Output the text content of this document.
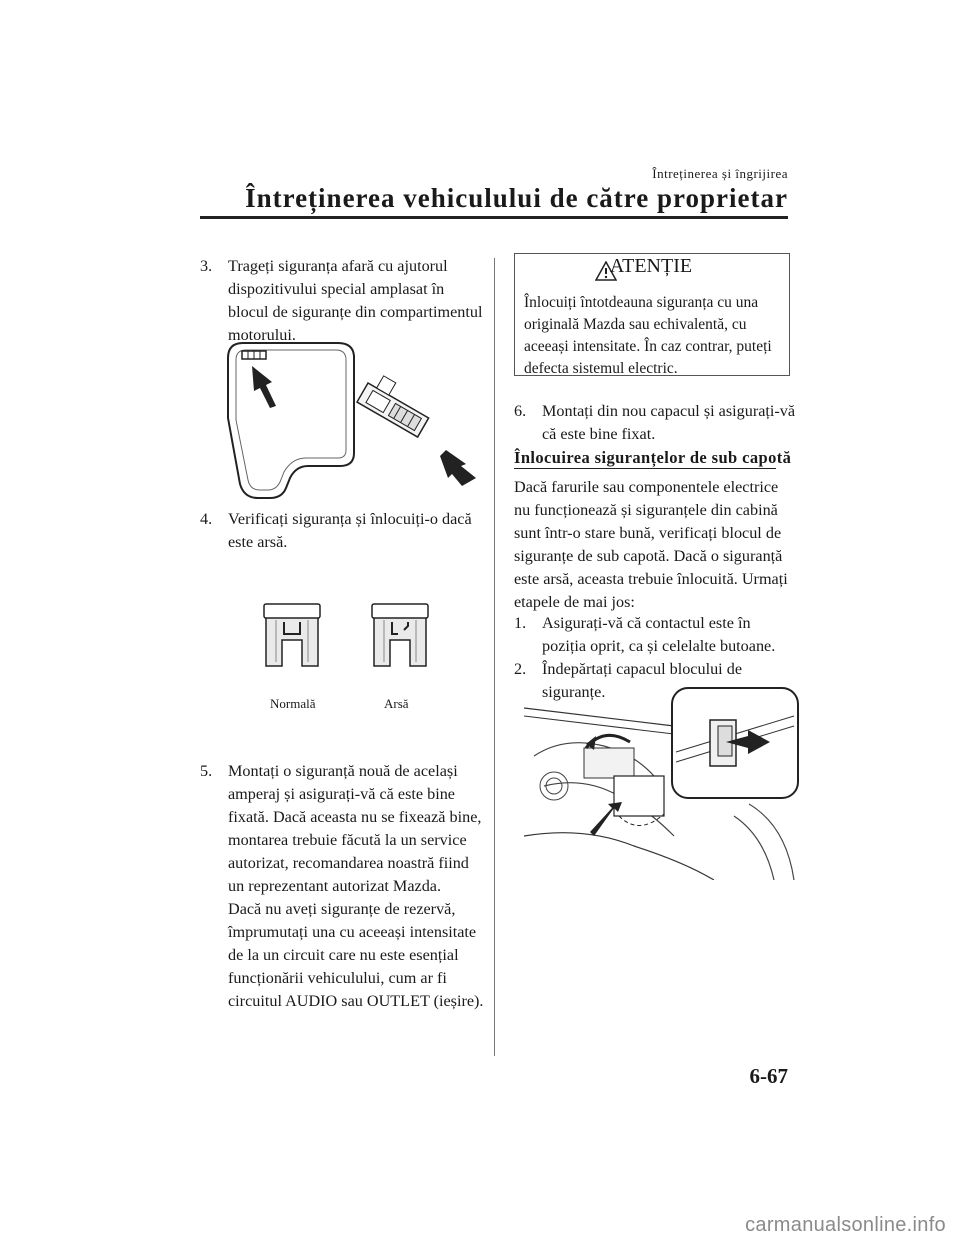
Întreținerea și îngrijirea
Întreținerea vehiculului de către proprietar
3. Trageți siguranța afară cu ajutorul
dispozitivului special amplasat în
blocul de siguranțe din compartimentul
motorului.
4. Verificați siguranța și înlocuiți-o dacă
este arsă.
Normală	Arsă
5. Montați o siguranță nouă de același
amperaj și asigurați-vă că este bine
fixată. Dacă aceasta nu se fixează bine,
montarea trebuie făcută la un service
autorizat, recomandarea noastră fiind
un reprezentant autorizat Mazda.
Dacă nu aveți siguranțe de rezervă,
împrumutați una cu aceeași intensitate
de la un circuit care nu este esențial
funcționării vehiculului, cum ar fi
circuitul AUDIO sau OUTLET (ieșire).
ATENȚIE
Înlocuiți întotdeauna siguranța cu una
originală Mazda sau echivalentă, cu
aceeași intensitate. În caz contrar, puteți
defecta sistemul electric.
6. Montați din nou capacul și asigurați-vă
că este bine fixat.
Înlocuirea siguranțelor de sub capotă
Dacă farurile sau componentele electrice
nu funcționează și siguranțele din cabină
sunt într-o stare bună, verificați blocul de
siguranțe de sub capotă. Dacă o siguranță
este arsă, aceasta trebuie înlocuită. Urmați
etapele de mai jos:
1. Asigurați-vă că contactul este în
poziția oprit, ca și celelalte butoane.
2. Îndepărtați capacul blocului de
siguranțe.
6-67
carmanualsonline.info
